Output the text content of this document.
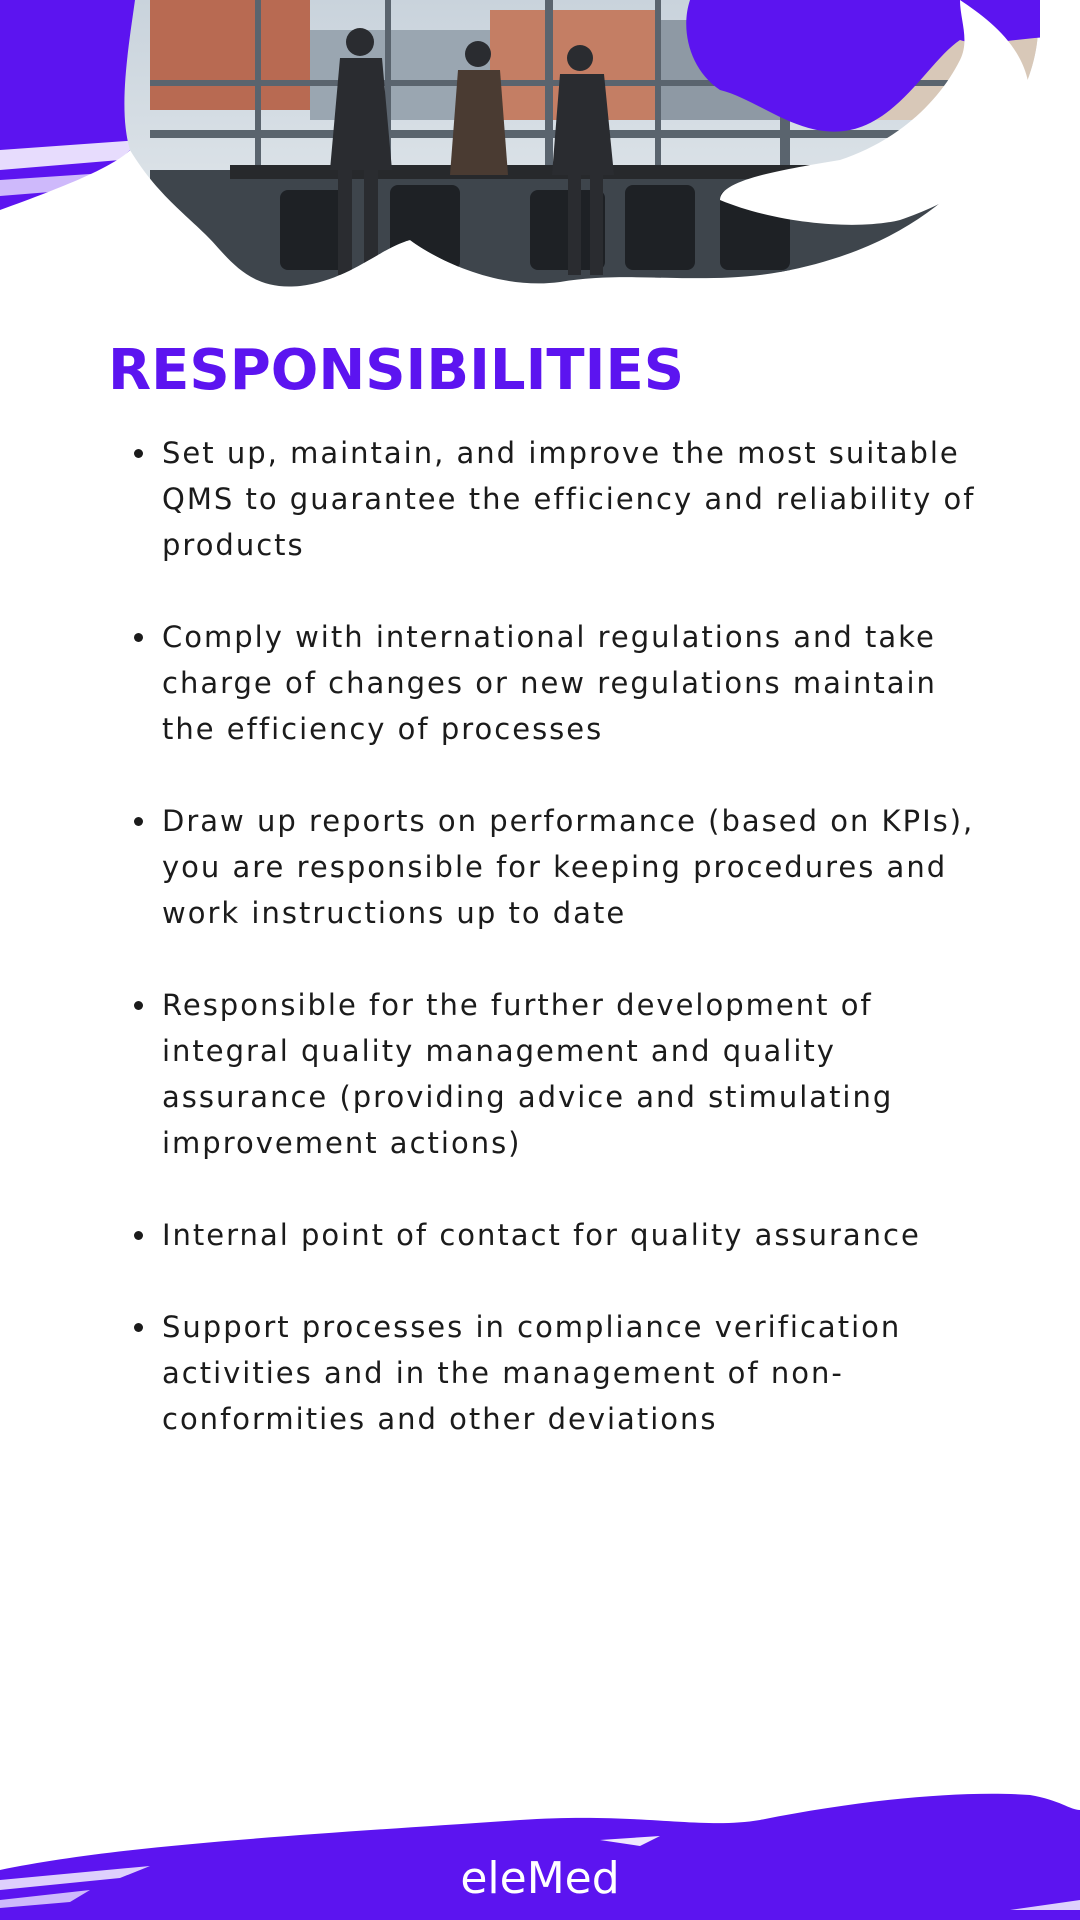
RESPONSIBILITIES
Set up, maintain, and improve the most suitable QMS to guarantee the efficiency and reliability of products
Comply with international regulations and take charge of changes or new regulations maintain the efficiency of processes
Draw up reports on performance (based on KPIs), you are responsible for keeping procedures and work instructions up to date
Responsible for the further development of integral quality management and quality assurance (providing advice and stimulating improvement actions)
Internal point of contact for quality assurance
Support processes in compliance verification activities and in the management of non-conformities and other deviations
eleMed
